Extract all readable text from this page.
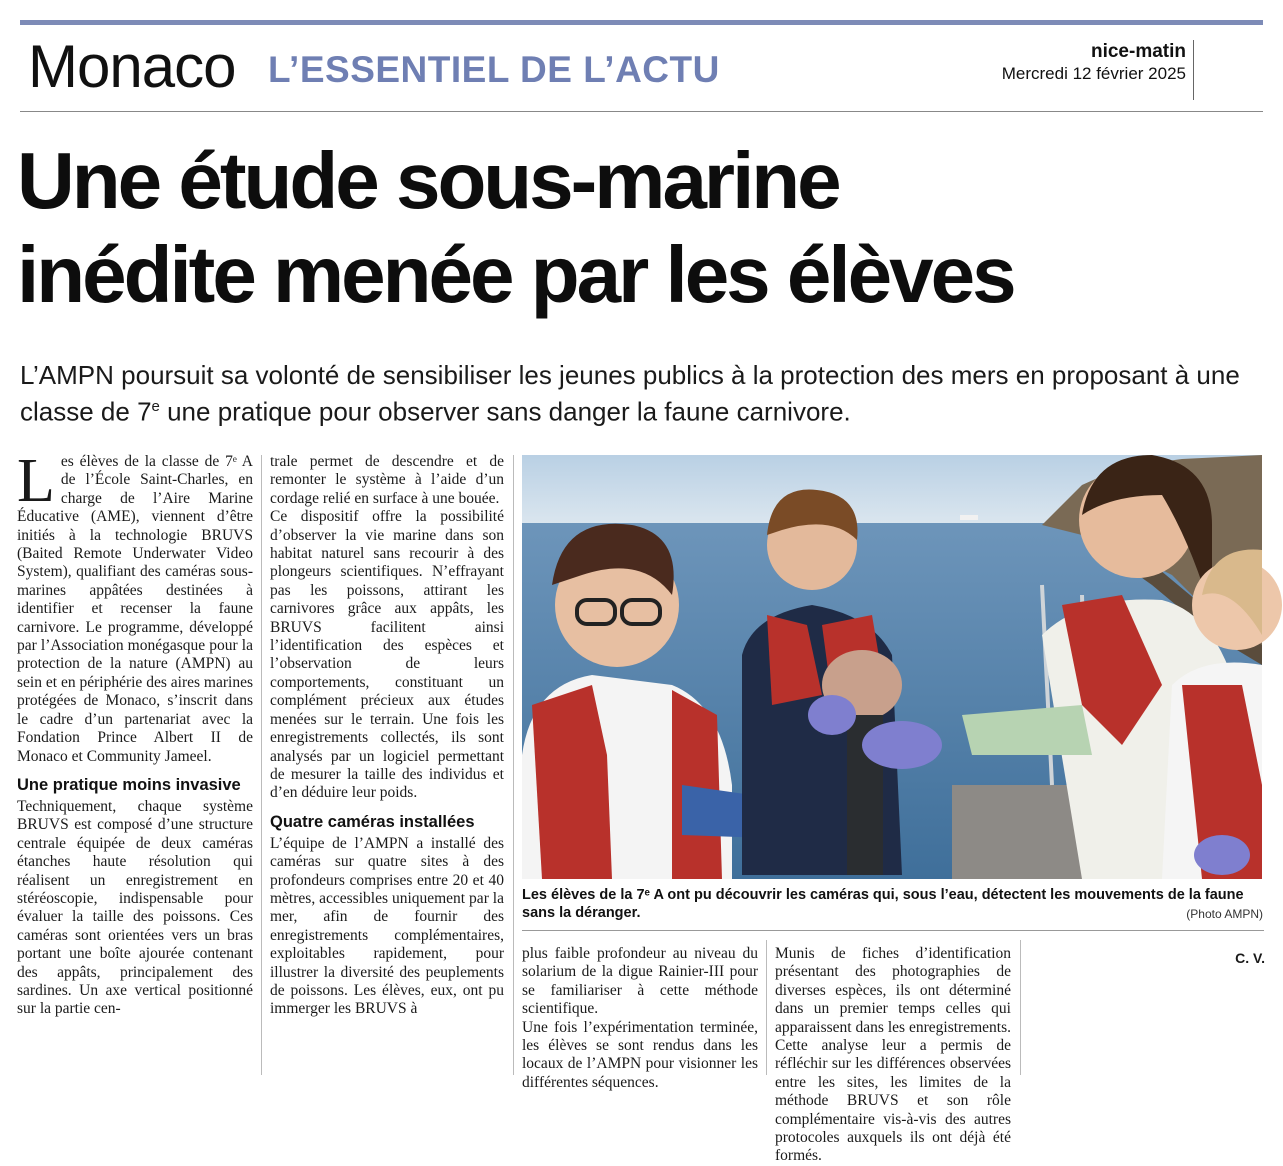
Monaco L’ESSENTIEL DE L’ACTU	nice-matin
Mercredi 12 février 2025
Une étude sous-marine
inédite menée par les élèves
L’AMPN poursuit sa volonté de sensibiliser les jeunes publics à la protection des mers en proposant à une classe de 7e une pratique pour observer sans danger la faune carnivore.

Les élèves de la classe de 7ᵉ A de l’École Saint-Charles, en charge de l’Aire Marine Éducative (AME), viennent d’être initiés à la technologie BRUVS (Baited Remote Underwater Video System), qualifiant des caméras sous-marines appâtées destinées à identifier et recenser la faune carnivore. Le programme, développé par l’Association monégasque pour la protection de la nature (AMPN) au sein et en périphérie des aires marines protégées de Monaco, s’inscrit dans le cadre d’un partenariat avec la Fondation Prince Albert II de Monaco et Community Jameel.

Une pratique moins invasive

Techniquement, chaque système BRUVS est composé d’une structure centrale équipée de deux caméras étanches haute résolution qui réalisent un enregistrement en stéréoscopie, indispensable pour évaluer la taille des poissons. Ces caméras sont orientées vers un bras portant une boîte ajourée contenant des appâts, principalement des sardines. Un axe vertical positionné sur la partie cen-

trale permet de descendre et de remonter le système à l’aide d’un cordage relié en surface à une bouée.

Ce dispositif offre la possibilité d’observer la vie marine dans son habitat naturel sans recourir à des plongeurs scientifiques. N’effrayant pas les poissons, attirant les carnivores grâce aux appâts, les BRUVS facilitent ainsi l’identification des espèces et l’observation de leurs comportements, constituant un complément précieux aux études menées sur le terrain. Une fois les enregistrements collectés, ils sont analysés par un logiciel permettant de mesurer la taille des individus et d’en déduire leur poids.

Quatre caméras installées

L’équipe de l’AMPN a installé des caméras sur quatre sites à des profondeurs comprises entre 20 et 40 mètres, accessibles uniquement par la mer, afin de fournir des enregistrements complémentaires, exploitables rapidement, pour illustrer la diversité des peuplements de poissons. Les élèves, eux, ont pu immerger les BRUVS à

Les élèves de la 7ᵉ A ont pu découvrir les caméras qui, sous l’eau, détectent les mouvements de la faune sans la déranger.	(Photo AMPN)

plus faible profondeur au niveau du solarium de la digue Rainier-III pour se familiariser à cette méthode scientifique.

Une fois l’expérimentation terminée, les élèves se sont rendus dans les locaux de l’AMPN pour visionner les différentes séquences.

Munis de fiches d’identification présentant des photographies de diverses espèces, ils ont déterminé dans un premier temps celles qui apparaissent dans les enregistrements. Cette analyse leur a permis de réfléchir sur les différences observées entre les sites, les limites de la méthode BRUVS et son rôle complémentaire vis-à-vis des autres protocoles auxquels ils ont déjà été formés.

C. V.
